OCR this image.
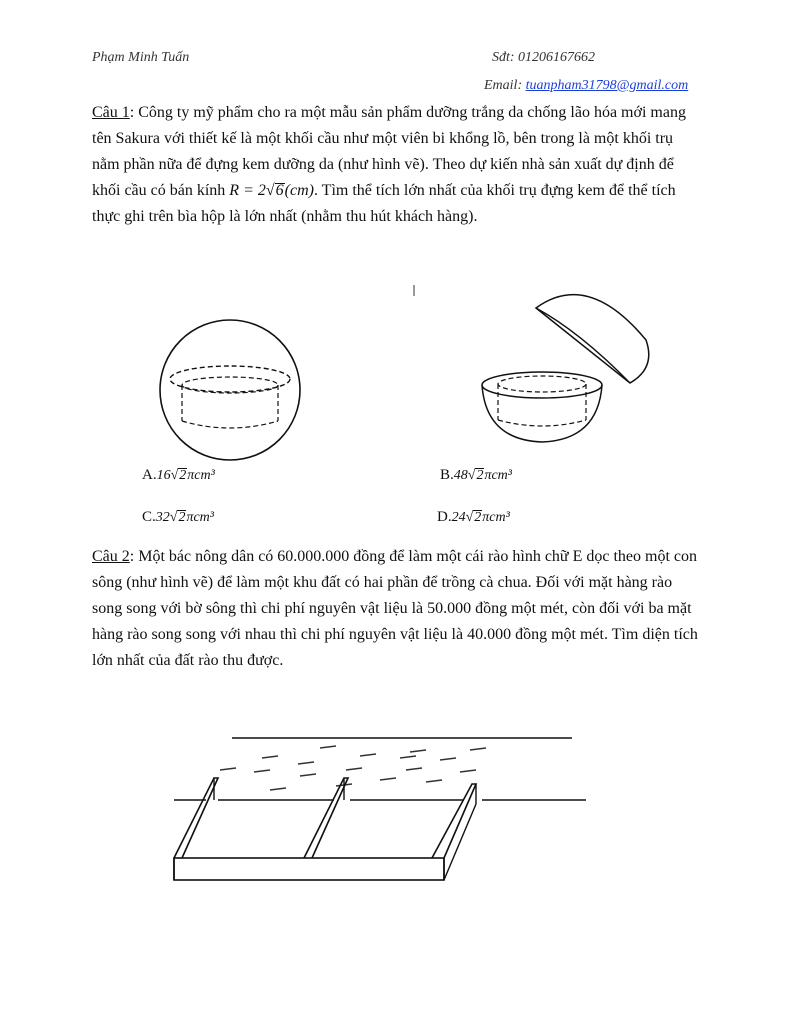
Phạm Minh Tuấn	Sđt: 01206167662
Email: tuanpham31798@gmail.com
Câu 1: Công ty mỹ phẩm cho ra một mẫu sản phẩm dưỡng trắng da chống lão hóa mới mang tên Sakura với thiết kế là một khối cầu như một viên bi khổng lồ, bên trong là một khối trụ nằm phần nữa để đựng kem dưỡng da (như hình vẽ). Theo dự kiến nhà sản xuất dự định để khối cầu có bán kính R = 2√6(cm). Tìm thể tích lớn nhất của khối trụ đựng kem để thể tích thực ghi trên bìa hộp là lớn nhất (nhằm thu hút khách hàng).
A.16√2πcm³	B.48√2πcm³
C.32√2πcm³	D.24√2πcm³
Câu 2: Một bác nông dân có 60.000.000 đồng để làm một cái rào hình chữ E dọc theo một con sông (như hình vẽ) để làm một khu đất có hai phần để trồng cà chua. Đối với mặt hàng rào song song với bờ sông thì chi phí nguyên vật liệu là 50.000 đồng một mét, còn đối với ba mặt hàng rào song song với nhau thì chi phí nguyên vật liệu là 40.000 đồng một mét. Tìm diện tích lớn nhất của đất rào thu được.
